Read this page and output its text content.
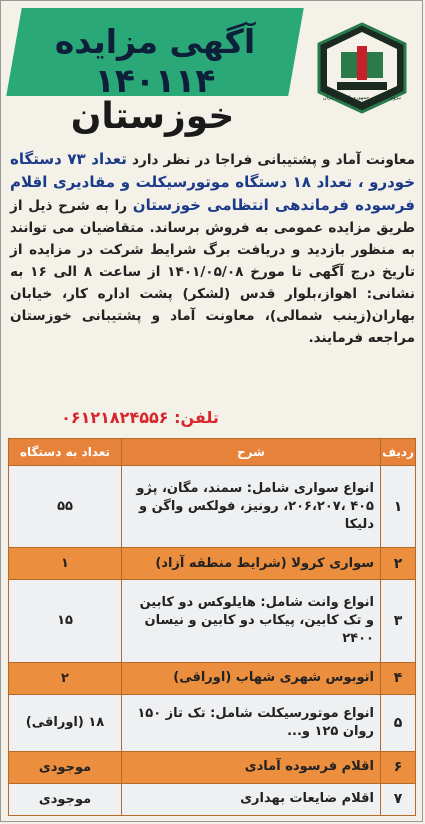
آگهی مزایده ۱۴۰۱۱۴	نیروی انتظامی جمهوری اسلامی ایران
خوزستان
معاونت آماد و پشتیبانی فراجا در نظر دارد تعداد ۷۳ دستگاه خودرو ، تعداد ۱۸ دستگاه موتورسیکلت و مقادیری اقلام فرسوده فرماندهی انتظامی خوزستان را به شرح ذیل از طریق مزایده عمومی به فروش برساند. متقاضیان می توانند به منظور بازدید و دریافت برگ شرایط شرکت در مزایده از تاریخ درج آگهی تا مورخ ۱۴۰۱/۰۵/۰۸ از ساعت ۸ الی ۱۶ به نشانی: اهواز،بلوار قدس (لشکر) پشت اداره کار، خیابان بهاران(زینب شمالی)، معاونت آماد و پشتیبانی خوزستان مراجعه فرمایند.
تلفن: ۰۶۱۲۱۸۲۴۵۵۶
ردیف	شرح	تعداد به دستگاه
۱	انواع سواری شامل: سمند، مگان، پژو ۴۰۵ ،۲۰۶،۲۰۷، رونیز، فولکس واگن و دلیکا	۵۵
۲	سواری کرولا (شرایط منطقه آزاد)	۱
۳	انواع وانت شامل: هایلوکس دو کابین و تک کابین، پیکاب دو کابین و نیسان ۲۴۰۰	۱۵
۴	اتوبوس شهری شهاب (اوراقی)	۲
۵	انواع موتورسیکلت شامل: تک تاز ۱۵۰ روان ۱۲۵ و...	۱۸ (اوراقی)
۶	اقلام فرسوده آمادی	موجودی
۷	اقلام ضایعات بهداری	موجودی
